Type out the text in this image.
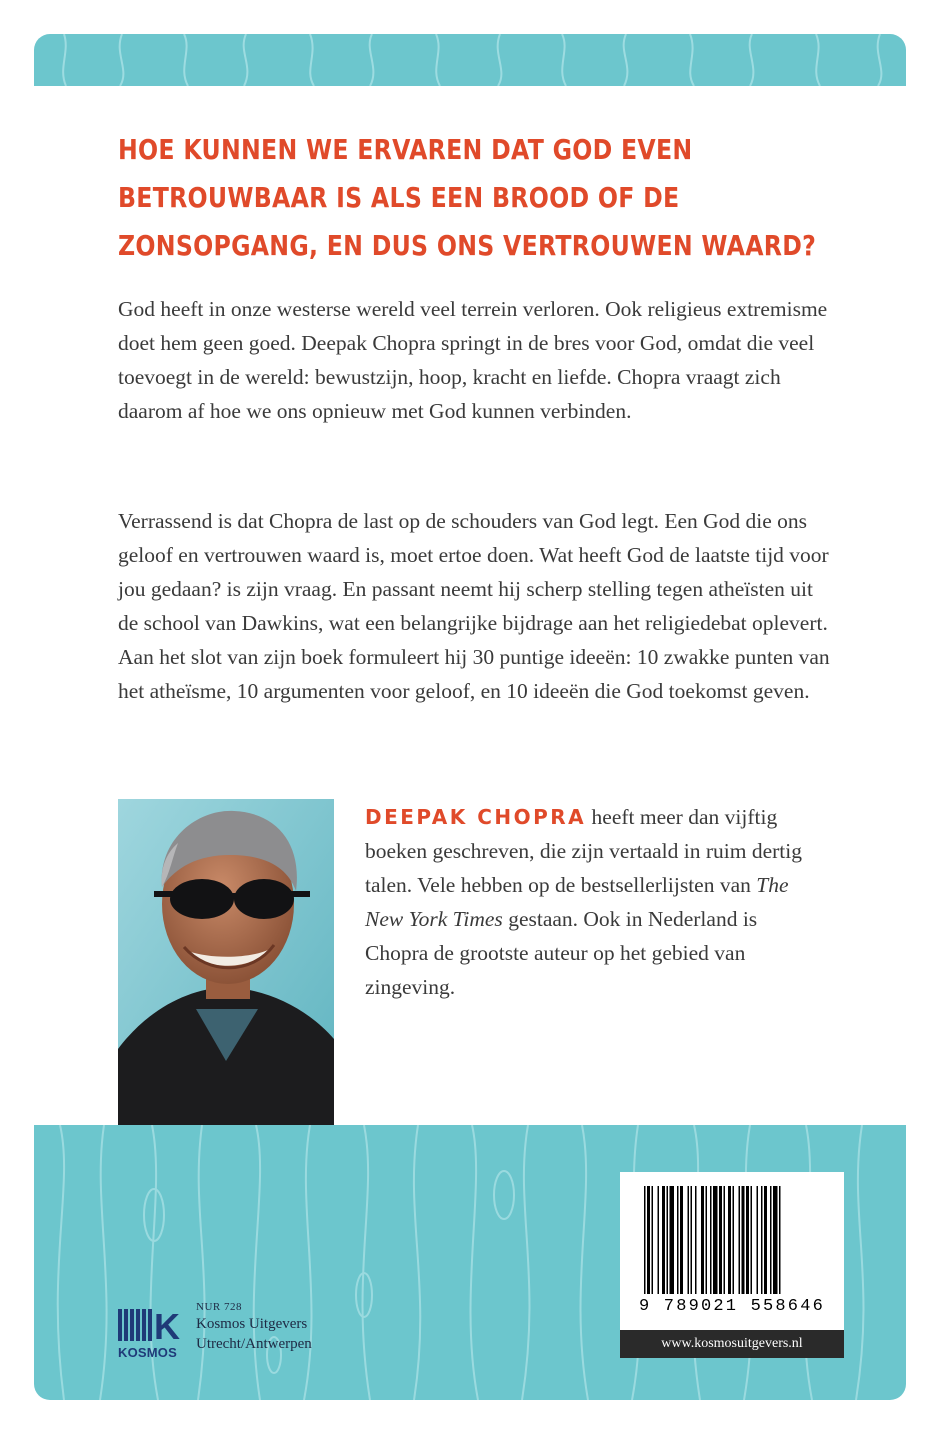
HOE KUNNEN WE ERVAREN DAT GOD EVEN
BETROUWBAAR IS ALS EEN BROOD OF DE
ZONSOPGANG, EN DUS ONS VERTROUWEN WAARD?

God heeft in onze westerse wereld veel terrein verloren. Ook religieus extremisme doet hem geen goed. Deepak Chopra springt in de bres voor God, omdat die veel toevoegt in de wereld: bewustzijn, hoop, kracht en liefde. Chopra vraagt zich daarom af hoe we ons opnieuw met God kunnen verbinden.

Verrassend is dat Chopra de last op de schouders van God legt. Een God die ons geloof en vertrouwen waard is, moet ertoe doen. Wat heeft God de laatste tijd voor jou gedaan? is zijn vraag. En passant neemt hij scherp stelling tegen atheïsten uit de school van Dawkins, wat een belangrijke bijdrage aan het religiedebat oplevert. Aan het slot van zijn boek formuleert hij 30 puntige ideeën: 10 zwakke punten van het atheïsme, 10 argumenten voor geloof, en 10 ideeën die God toekomst geven.

DEEPAK CHOPRA heeft meer dan vijftig boeken geschreven, die zijn vertaald in ruim dertig talen. Vele hebben op de bestsellerlijsten van The New York Times gestaan. Ook in Nederland is Chopra de grootste auteur op het gebied van zingeving.

9 789021 558646
www.kosmosuitgevers.nl
K
KOSMOS
NUR 728
Kosmos Uitgevers
Utrecht/Antwerpen
